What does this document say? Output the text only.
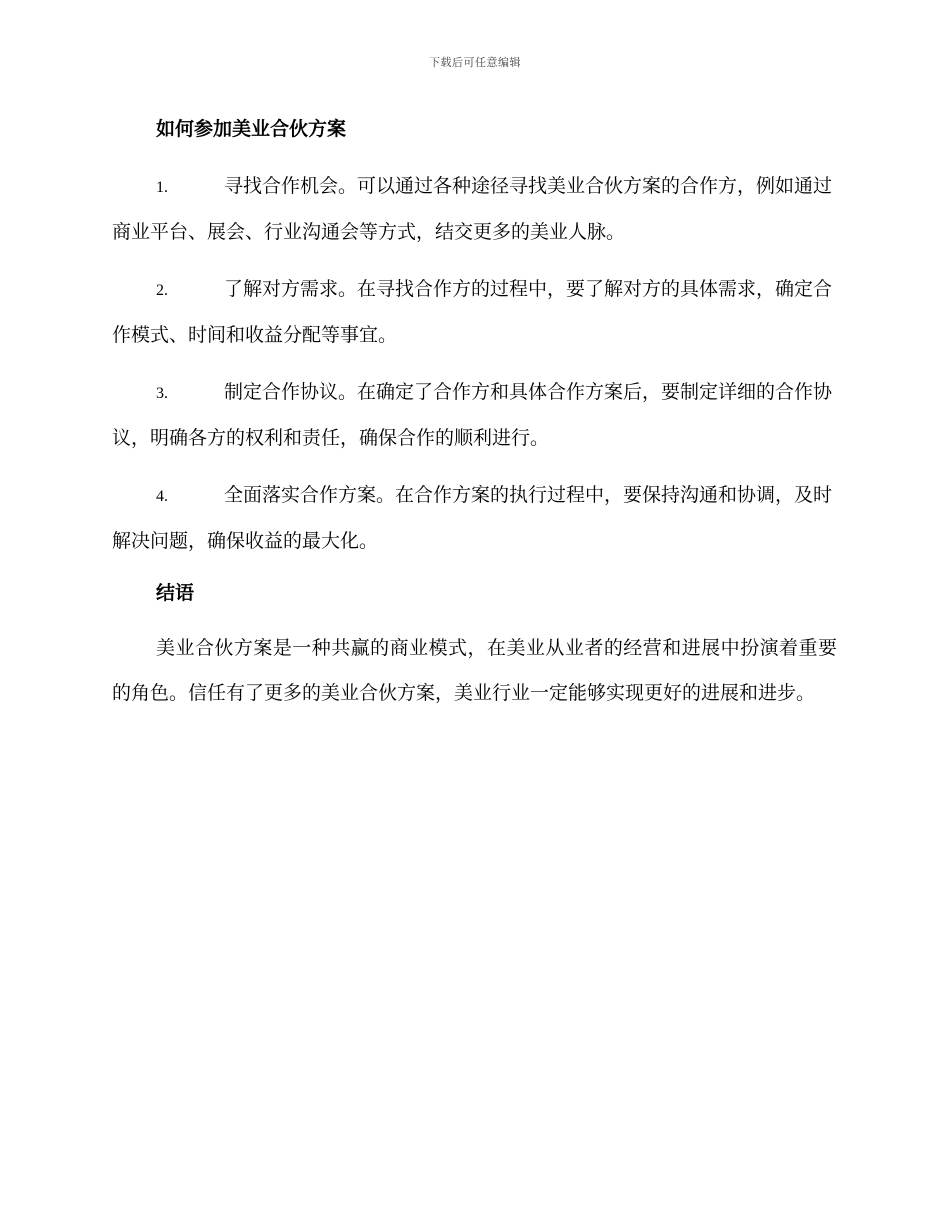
下载后可任意编辑
如何参加美业合伙方案

1.	寻找合作机会。可以通过各种途径寻找美业合伙方案的合作方，例如通过商业平台、展会、行业沟通会等方式，结交更多的美业人脉。

2.	了解对方需求。在寻找合作方的过程中，要了解对方的具体需求，确定合作模式、时间和收益分配等事宜。

3.	制定合作协议。在确定了合作方和具体合作方案后，要制定详细的合作协议，明确各方的权利和责任，确保合作的顺利进行。

4.	全面落实合作方案。在合作方案的执行过程中，要保持沟通和协调，及时解决问题，确保收益的最大化。

结语

美业合伙方案是一种共赢的商业模式，在美业从业者的经营和进展中扮演着重要的角色。信任有了更多的美业合伙方案，美业行业一定能够实现更好的进展和进步。
